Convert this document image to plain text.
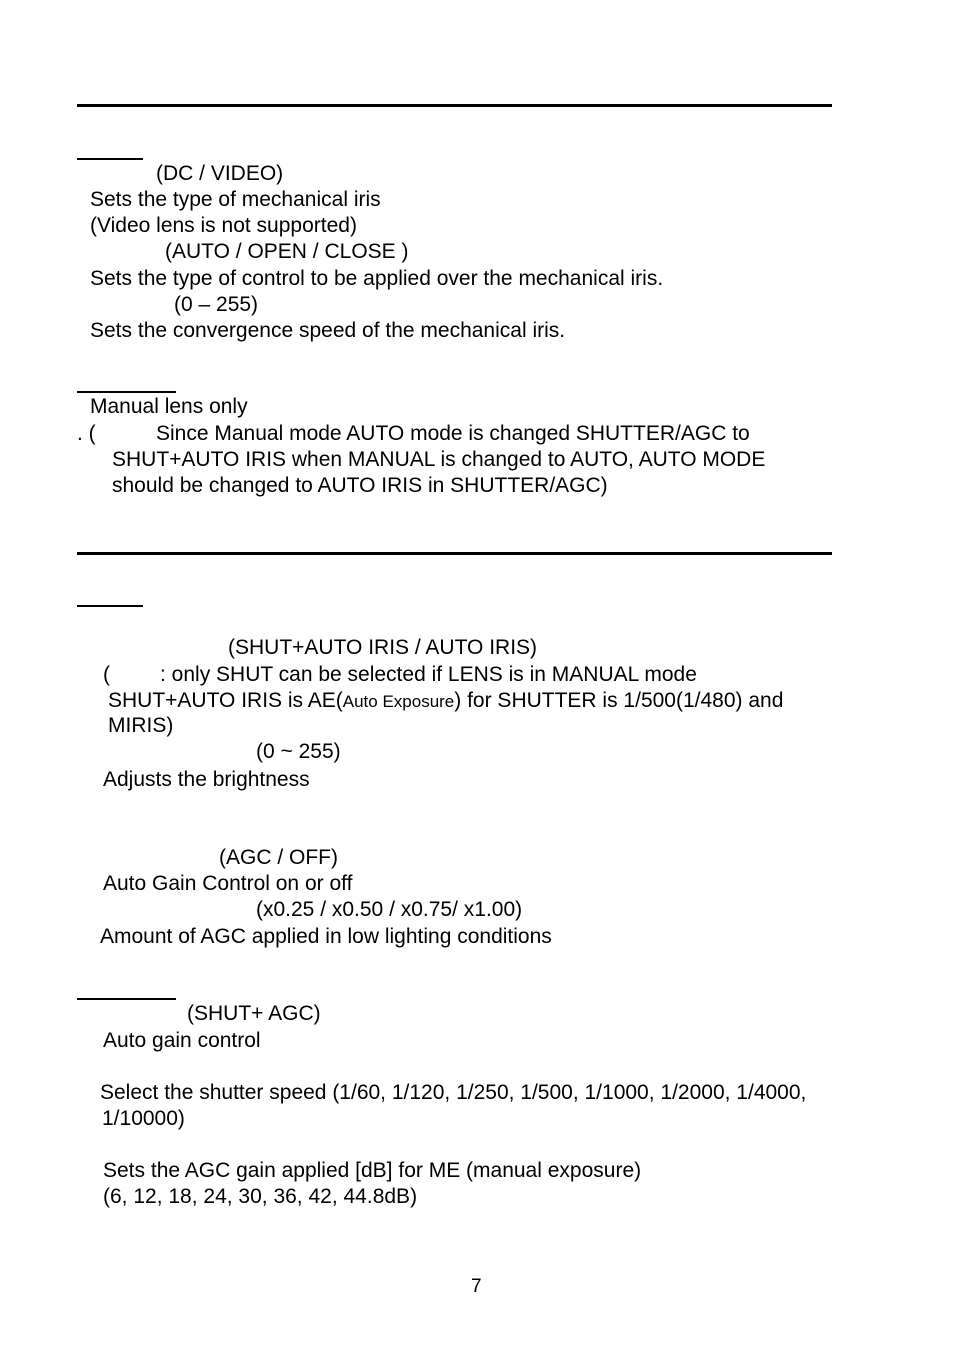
(DC / VIDEO)
Sets the type of mechanical iris
(Video lens is not supported)
(AUTO / OPEN / CLOSE )
Sets the type of control to be applied over the mechanical iris.
(0 – 255)
Sets the convergence speed of the mechanical iris.
Manual lens only
. (	Since Manual mode AUTO mode is changed SHUTTER/AGC to
SHUT+AUTO IRIS when MANUAL is changed to AUTO, AUTO MODE
should be changed to AUTO IRIS in SHUTTER/AGC)
(SHUT+AUTO IRIS / AUTO IRIS)
( : only SHUT can be selected if LENS is in MANUAL mode
SHUT+AUTO IRIS is AE(Auto Exposure) for SHUTTER is 1/500(1/480) and
MIRIS)
(0 ~ 255)
Adjusts the brightness
(AGC / OFF)
Auto Gain Control on or off
(x0.25 / x0.50 / x0.75/ x1.00)
Amount of AGC applied in low lighting conditions
(SHUT+ AGC)
Auto gain control
Select the shutter speed (1/60, 1/120, 1/250, 1/500, 1/1000, 1/2000, 1/4000,
1/10000)
Sets the AGC gain applied [dB] for ME (manual exposure)
(6, 12, 18, 24, 30, 36, 42, 44.8dB)
7
